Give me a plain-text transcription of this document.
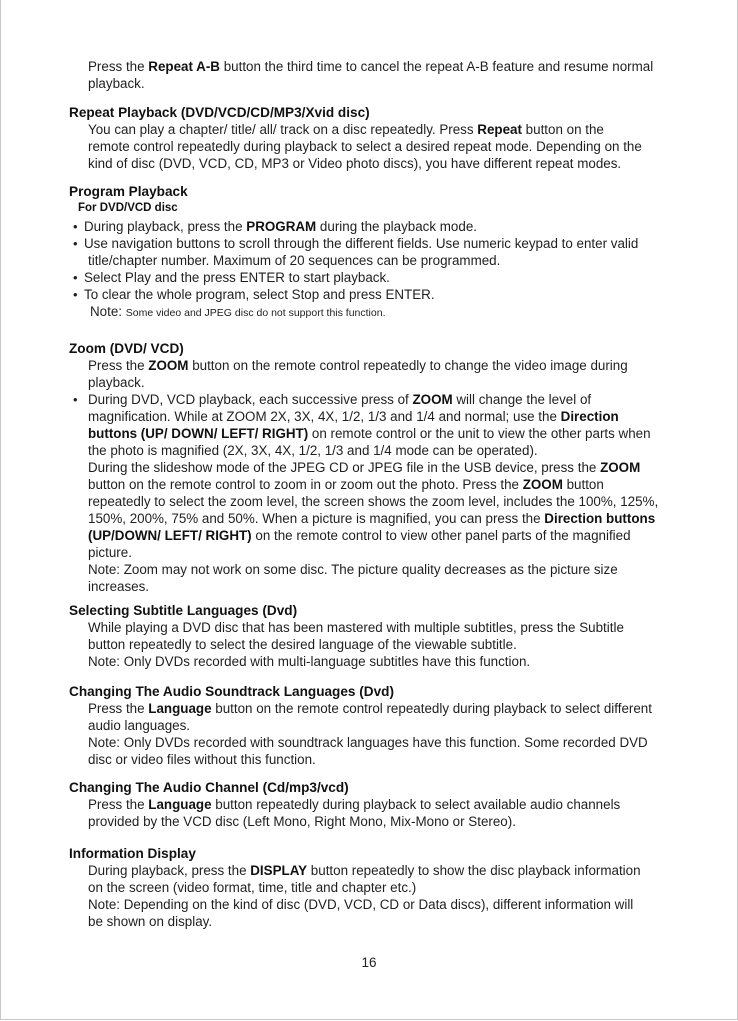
Press the Repeat A-B button the third time to cancel the repeat A-B feature and resume normal

playback.

Repeat Playback (DVD/VCD/CD/MP3/Xvid disc)

You can play a chapter/ title/ all/ track on a disc repeatedly. Press Repeat button on the

remote control repeatedly during playback to select a desired repeat mode. Depending on the

kind of disc (DVD, VCD, CD, MP3 or Video photo discs), you have different repeat modes.

Program Playback

For DVD/VCD disc

• During playback, press the PROGRAM during the playback mode.

• Use navigation buttons to scroll through the different fields. Use numeric keypad to enter valid

title/chapter number. Maximum of 20 sequences can be programmed.

• Select Play and the press ENTER to start playback.

• To clear the whole program, select Stop and press ENTER.

Note: Some video and JPEG disc do not support this function.

Zoom (DVD/ VCD)

Press the ZOOM button on the remote control repeatedly to change the video image during

playback.

• During DVD, VCD playback, each successive press of ZOOM will change the level of

magnification. While at ZOOM 2X, 3X, 4X, 1/2, 1/3 and 1/4 and normal; use the Direction

buttons (UP/ DOWN/ LEFT/ RIGHT) on remote control or the unit to view the other parts when

the photo is magnified (2X, 3X, 4X, 1/2, 1/3 and 1/4 mode can be operated).

During the slideshow mode of the JPEG CD or JPEG file in the USB device, press the ZOOM

button on the remote control to zoom in or zoom out the photo. Press the ZOOM button

repeatedly to select the zoom level, the screen shows the zoom level, includes the 100%, 125%,

150%, 200%, 75% and 50%. When a picture is magnified, you can press the Direction buttons

(UP/DOWN/ LEFT/ RIGHT) on the remote control to view other panel parts of the magnified

picture.

Note: Zoom may not work on some disc. The picture quality decreases as the picture size

increases.

Selecting Subtitle Languages (Dvd)

While playing a DVD disc that has been mastered with multiple subtitles, press the Subtitle

button repeatedly to select the desired language of the viewable subtitle.

Note: Only DVDs recorded with multi-language subtitles have this function.

Changing The Audio Soundtrack Languages (Dvd)

Press the Language button on the remote control repeatedly during playback to select different

audio languages.

Note: Only DVDs recorded with soundtrack languages have this function. Some recorded DVD

disc or video files without this function.

Changing The Audio Channel (Cd/mp3/vcd)

Press the Language button repeatedly during playback to select available audio channels

provided by the VCD disc (Left Mono, Right Mono, Mix-Mono or Stereo).

Information Display

During playback, press the DISPLAY button repeatedly to show the disc playback information

on the screen (video format, time, title and chapter etc.)

Note: Depending on the kind of disc (DVD, VCD, CD or Data discs), different information will

be shown on display.

16
